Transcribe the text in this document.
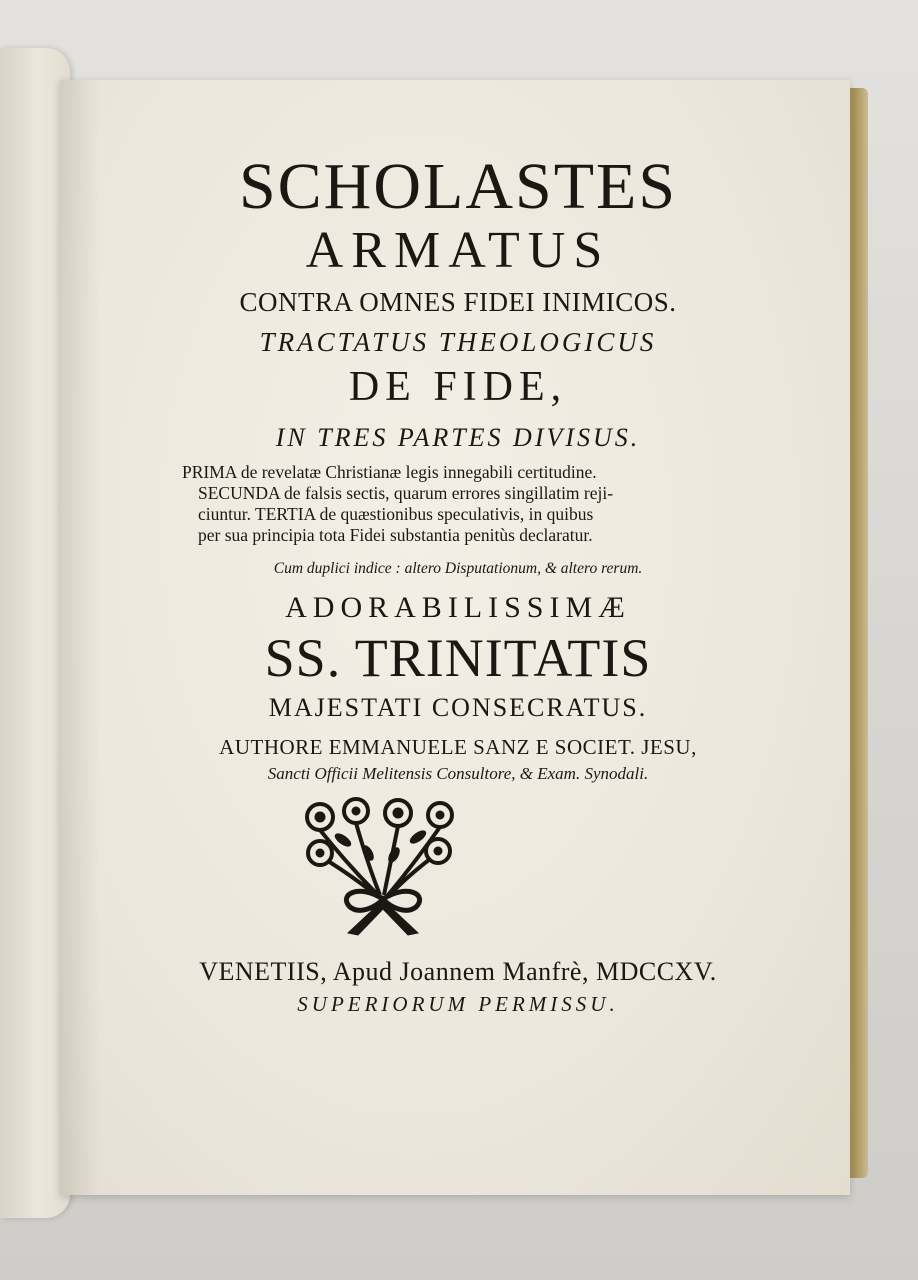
SCHOLASTES
ARMATUS
CONTRA OMNES FIDEI INIMICOS.
TRACTATUS THEOLOGICUS
DE FIDE,
IN TRES PARTES DIVISUS.
PRIMA de revelatæ Christianæ legis innegabili certitudine.
SECUNDA de falsis sectis, quarum errores singillatim reji-
ciuntur. TERTIA de quæstionibus speculativis, in quibus
per sua principia tota Fidei substantia penitùs declaratur.
Cum duplici indice : altero Disputationum, & altero rerum.
ADORABILISSIMÆ
SS. TRINITATIS
MAJESTATI CONSECRATUS.
AUTHORE EMMANUELE SANZ E SOCIET. JESU,
Sancti Officii Melitensis Consultore, & Exam. Synodali.
VENETIIS, Apud Joannem Manfrè, MDCCXV.
SUPERIORUM PERMISSU.
